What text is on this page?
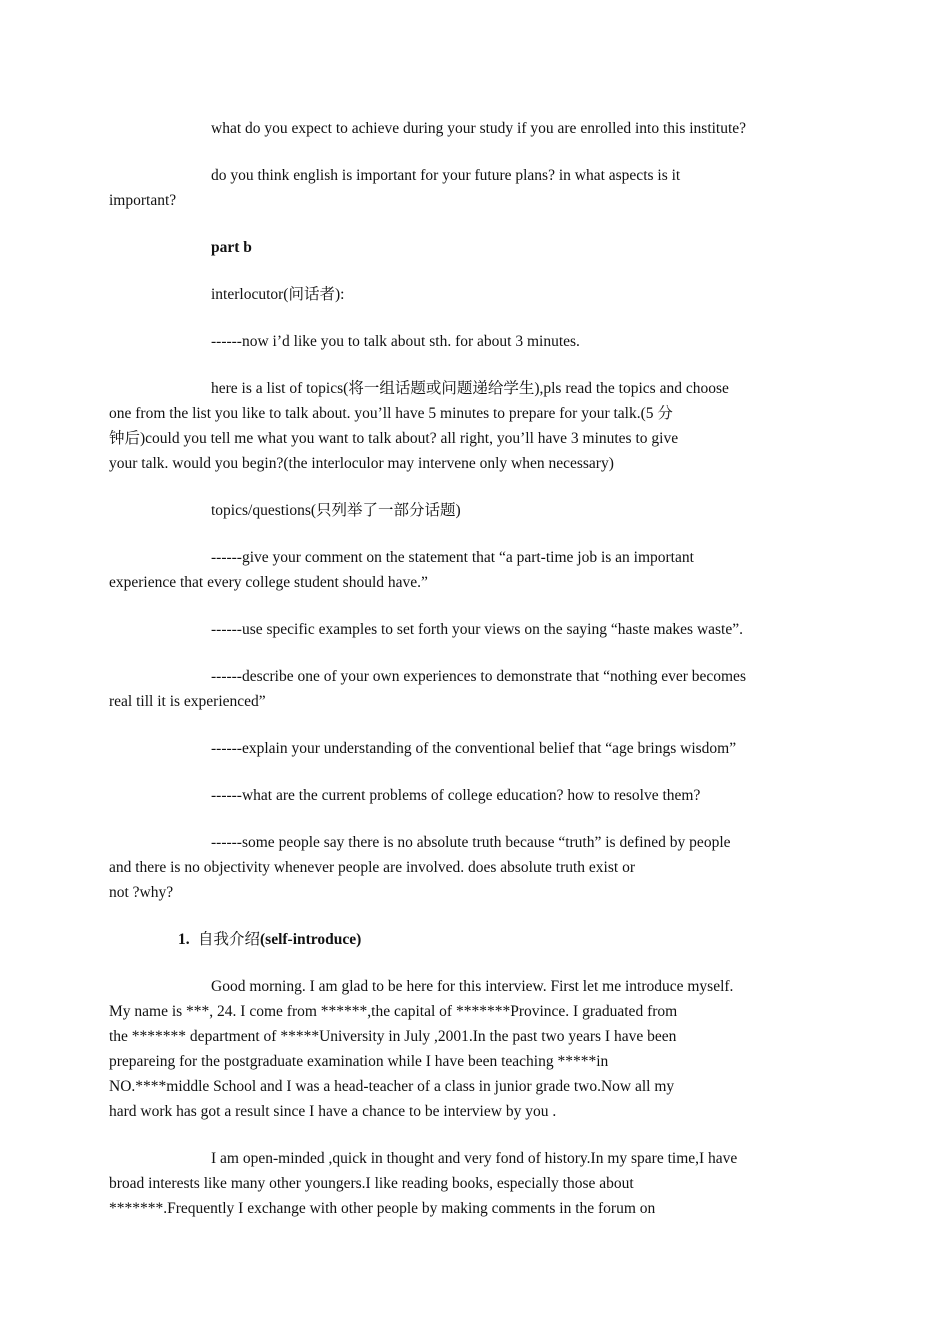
what do you expect to achieve during your study if you are enrolled into this institute?
do you think english is important for your future plans? in what aspects is it
important?
part b
interlocutor(问话者):
------now i’d like you to talk about sth. for about 3 minutes.
here is a list of topics(将一组话题或问题递给学生),pls read the topics and choose
one from the list you like to talk about. you’ll have 5 minutes to prepare for your talk.(5 分
钟后)could you tell me what you want to talk about? all right, you’ll have 3 minutes to give
your talk. would you begin?(the interloculor may intervene only when necessary)
topics/questions(只列举了一部分话题)
------give your comment on the statement that “a part-time job is an important
experience that every college student should have.”
------use specific examples to set forth your views on the saying “haste makes waste”.
------describe one of your own experiences to demonstrate that “nothing ever becomes
real till it is experienced”
------explain your understanding of the conventional belief that “age brings wisdom”
------what are the current problems of college education? how to resolve them?
------some people say there is no absolute truth because “truth” is defined by people
and there is no objectivity whenever people are involved. does absolute truth exist or
not ?why?
1. 自我介绍(self-introduce)
Good morning. I am glad to be here for this interview. First let me introduce myself.
My name is ***, 24. I come from ******,the capital of *******Province. I graduated from
the ******* department of *****University in July ,2001.In the past two years I have been
prepareing for the postgraduate examination while I have been teaching *****in
NO.****middle School and I was a head-teacher of a class in junior grade two.Now all my
hard work has got a result since I have a chance to be interview by you .
I am open-minded ,quick in thought and very fond of history.In my spare time,I have
broad interests like many other youngers.I like reading books, especially those about
*******.Frequently I exchange with other people by making comments in the forum on
